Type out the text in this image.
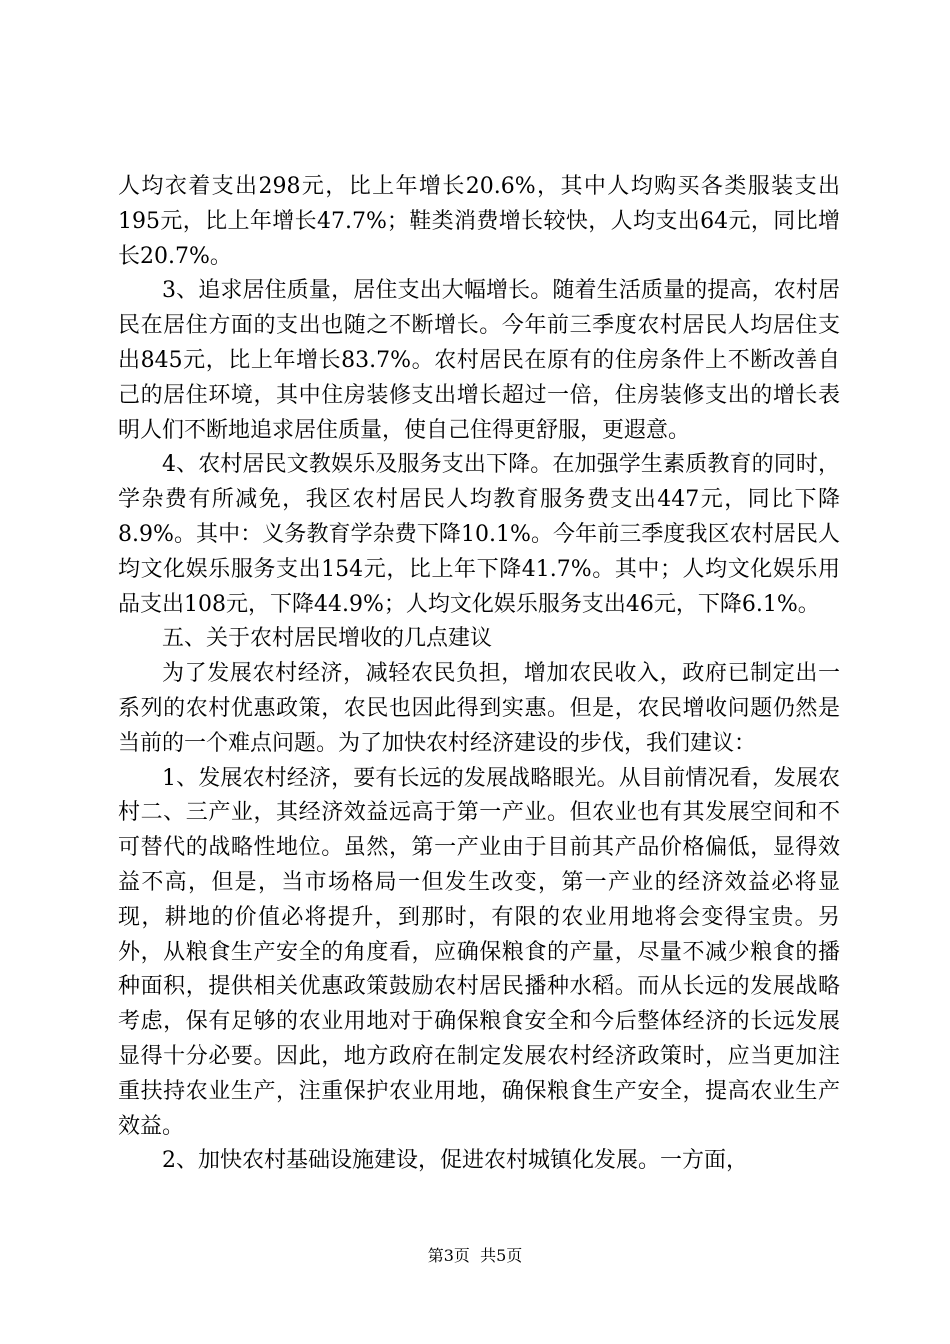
人均衣着支出298元，比上年增长20.6%，其中人均购买各类服装支出195元，比上年增长47.7%；鞋类消费增长较快，人均支出64元，同比增长20.7%。

3、追求居住质量，居住支出大幅增长。随着生活质量的提高，农村居民在居住方面的支出也随之不断增长。今年前三季度农村居民人均居住支出845元，比上年增长83.7%。农村居民在原有的住房条件上不断改善自己的居住环境，其中住房装修支出增长超过一倍，住房装修支出的增长表明人们不断地追求居住质量，使自己住得更舒服，更遐意。

4、农村居民文教娱乐及服务支出下降。在加强学生素质教育的同时，学杂费有所减免，我区农村居民人均教育服务费支出447元，同比下降8.9%。其中：义务教育学杂费下降10.1%。今年前三季度我区农村居民人均文化娱乐服务支出154元，比上年下降41.7%。其中；人均文化娱乐用品支出108元，下降44.9%；人均文化娱乐服务支出46元，下降6.1%。

五、关于农村居民增收的几点建议

为了发展农村经济，减轻农民负担，增加农民收入，政府已制定出一系列的农村优惠政策，农民也因此得到实惠。但是，农民增收问题仍然是当前的一个难点问题。为了加快农村经济建设的步伐，我们建议：

1、发展农村经济，要有长远的发展战略眼光。从目前情况看，发展农村二、三产业，其经济效益远高于第一产业。但农业也有其发展空间和不可替代的战略性地位。虽然，第一产业由于目前其产品价格偏低，显得效益不高，但是，当市场格局一但发生改变，第一产业的经济效益必将显现，耕地的价值必将提升，到那时，有限的农业用地将会变得宝贵。另外，从粮食生产安全的角度看，应确保粮食的产量，尽量不减少粮食的播种面积，提供相关优惠政策鼓励农村居民播种水稻。而从长远的发展战略考虑，保有足够的农业用地对于确保粮食安全和今后整体经济的长远发展显得十分必要。因此，地方政府在制定发展农村经济政策时，应当更加注重扶持农业生产，注重保护农业用地，确保粮食生产安全，提高农业生产效益。

2、加快农村基础设施建设，促进农村城镇化发展。一方面，

第3页  共5页
